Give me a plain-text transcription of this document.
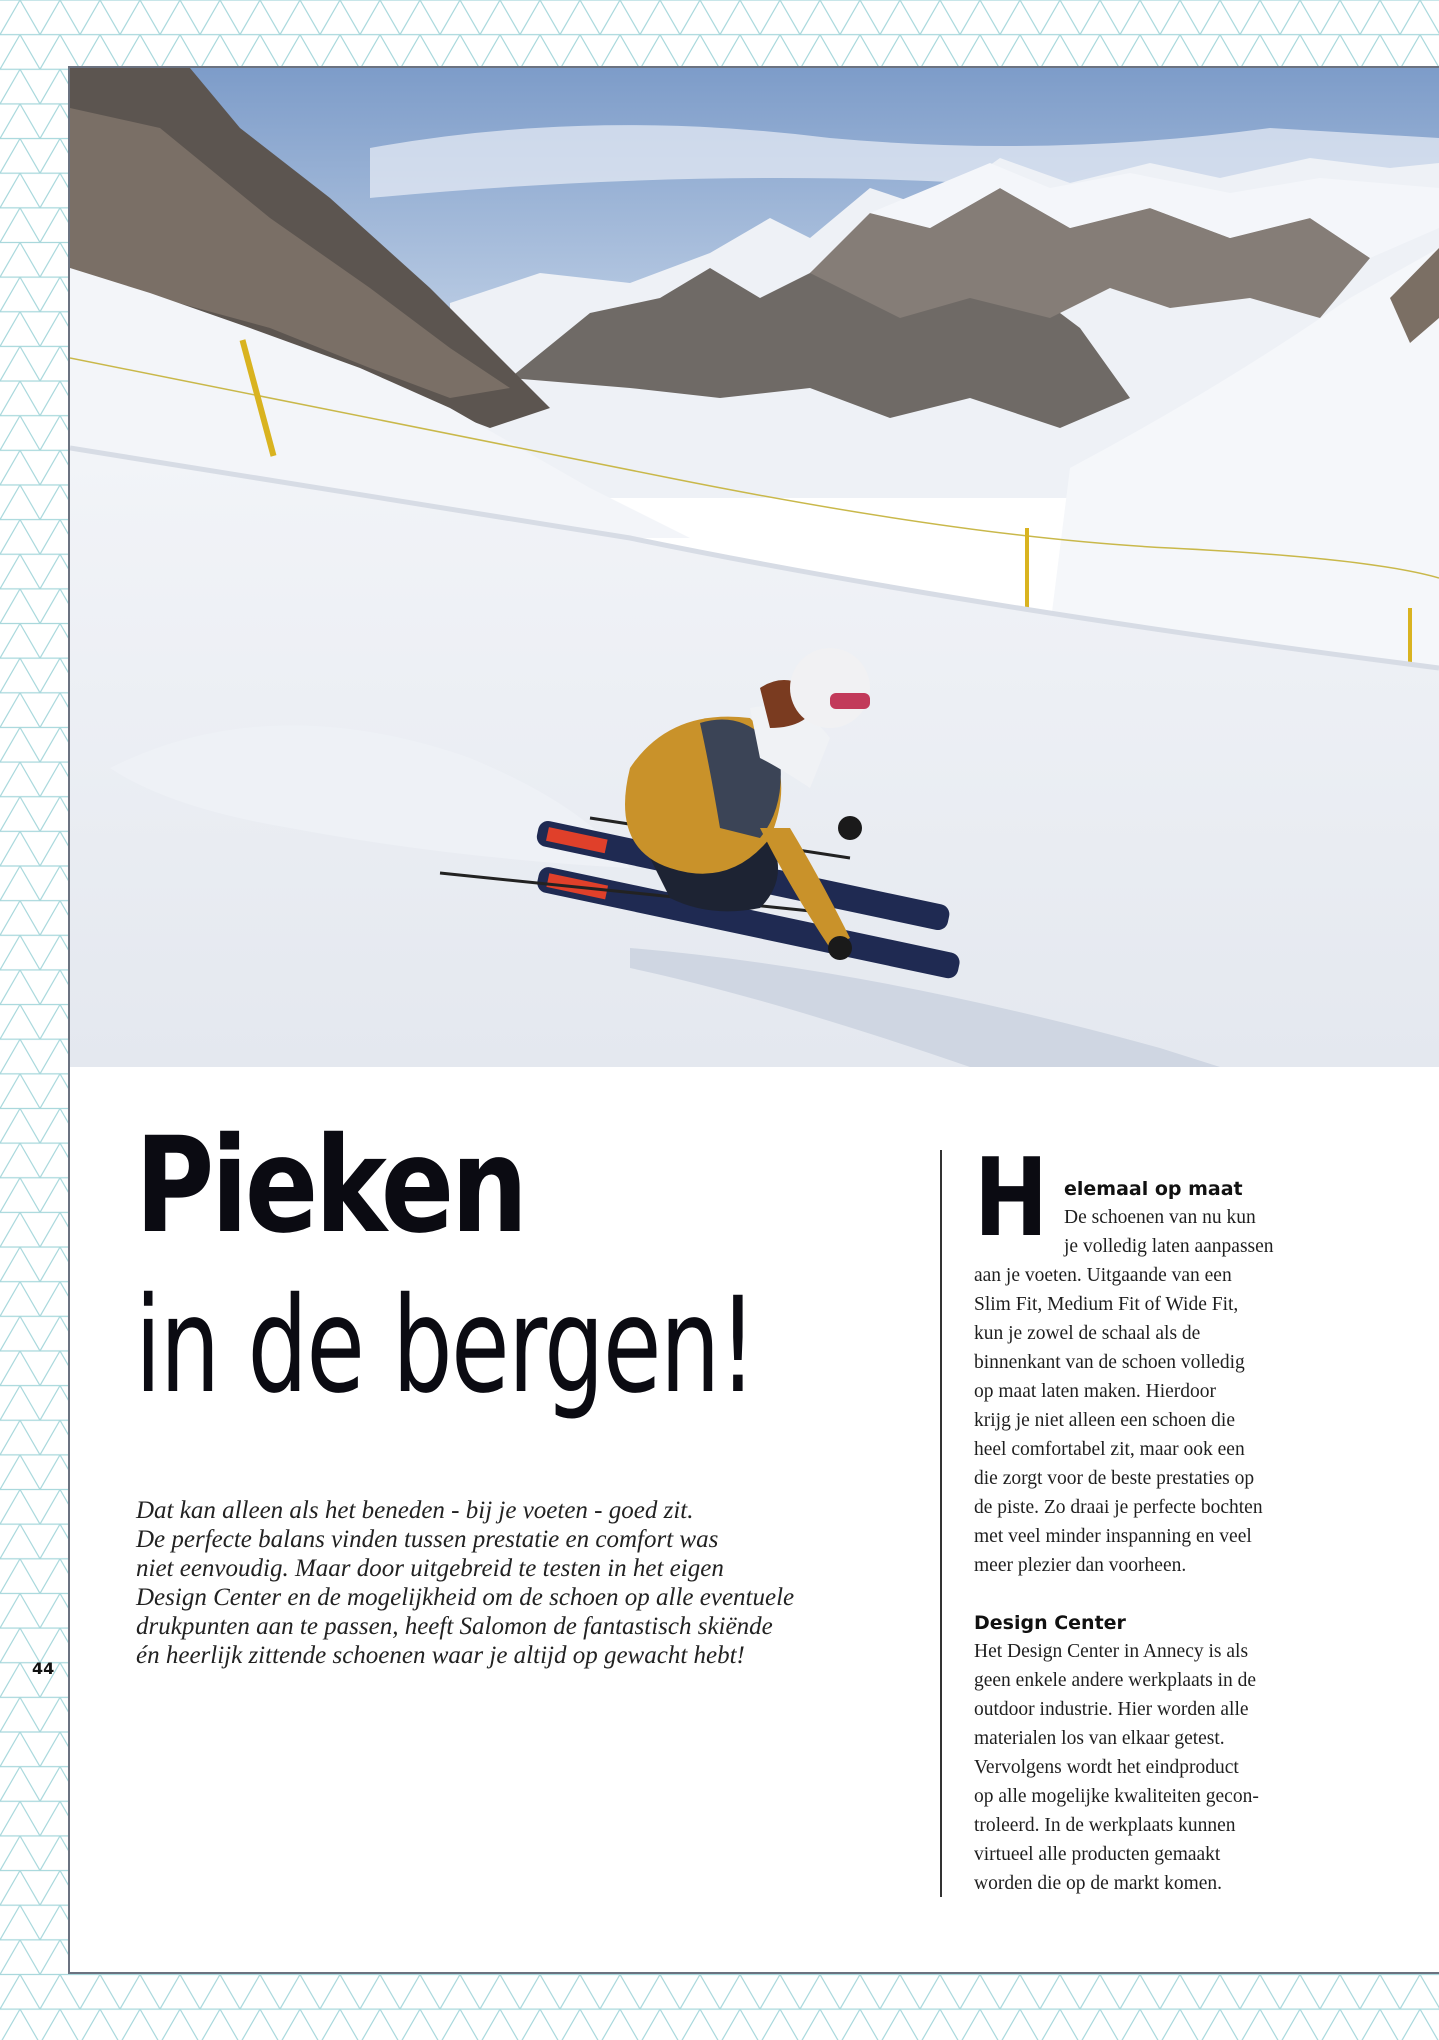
44
Pieken
in de bergen!
Dat kan alleen als het beneden - bij je voeten - goed zit.
De perfecte balans vinden tussen prestatie en comfort was
niet eenvoudig. Maar door uitgebreid te testen in het eigen
Design Center en de mogelijkheid om de schoen op alle eventuele
drukpunten aan te passen, heeft Salomon de fantastisch skiënde
én heerlijk zittende schoenen waar je altijd op gewacht hebt!
H elemaal op maat
De schoenen van nu kun
je volledig laten aanpassen
aan je voeten. Uitgaande van een
Slim Fit, Medium Fit of Wide Fit,
kun je zowel de schaal als de
binnenkant van de schoen volledig
op maat laten maken. Hierdoor
krijg je niet alleen een schoen die
heel comfortabel zit, maar ook een
die zorgt voor de beste prestaties op
de piste. Zo draai je perfecte bochten
met veel minder inspanning en veel
meer plezier dan voorheen.
Design Center
Het Design Center in Annecy is als
geen enkele andere werkplaats in de
outdoor industrie. Hier worden alle
materialen los van elkaar getest.
Vervolgens wordt het eindproduct
op alle mogelijke kwaliteiten gecon-
troleerd. In de werkplaats kunnen
virtueel alle producten gemaakt
worden die op de markt komen.
